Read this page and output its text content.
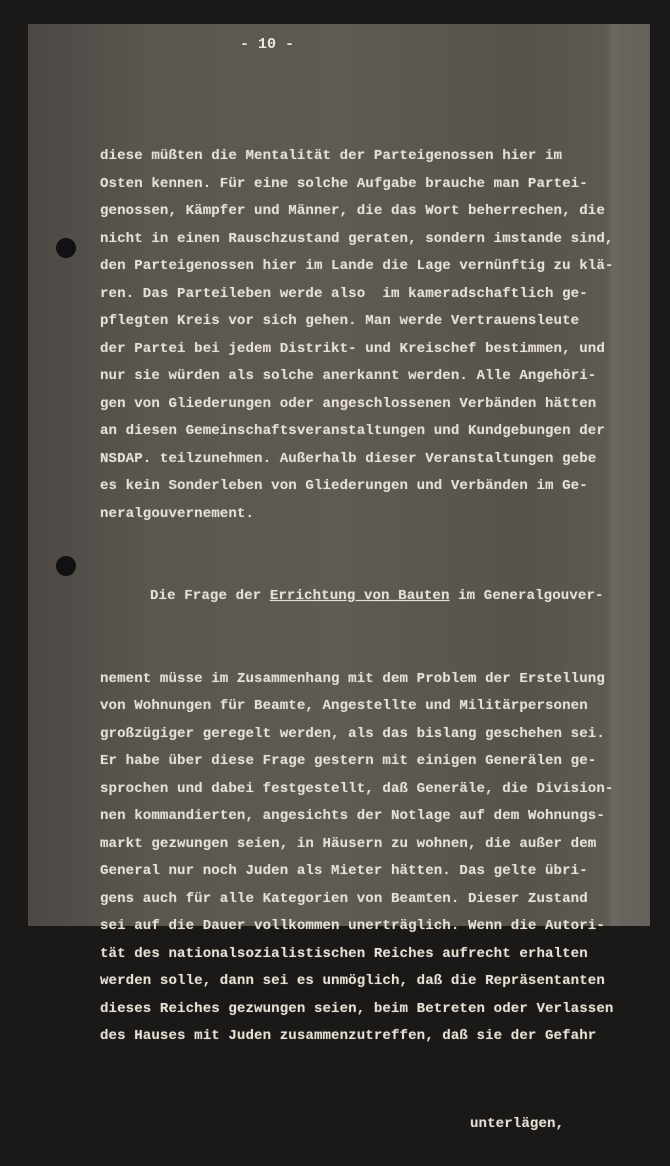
- 10 -

diese müßten die Mentalität der Parteigenossen hier im
Osten kennen. Für eine solche Aufgabe brauche man Partei-
genossen, Kämpfer und Männer, die das Wort beherrechen, die
nicht in einen Rauschzustand geraten, sondern imstande sind,
den Parteigenossen hier im Lande die Lage vernünftig zu klä-
ren. Das Parteileben werde also  im kameradschaftlich ge-
pflegten Kreis vor sich gehen. Man werde Vertrauensleute
der Partei bei jedem Distrikt- und Kreischef bestimmen, und
nur sie würden als solche anerkannt werden. Alle Angehöri-
gen von Gliederungen oder angeschlossenen Verbänden hätten
an diesen Gemeinschaftsveranstaltungen und Kundgebungen der
NSDAP. teilzunehmen. Außerhalb dieser Veranstaltungen gebe
es kein Sonderleben von Gliederungen und Verbänden im Ge-
neralgouvernement.

Die Frage der Errichtung von Bauten im Generalgouver-

nement müsse im Zusammenhang mit dem Problem der Erstellung
von Wohnungen für Beamte, Angestellte und Militärpersonen
großzügiger geregelt werden, als das bislang geschehen sei.
Er habe über diese Frage gestern mit einigen Generälen ge-
sprochen und dabei festgestellt, daß Generäle, die Division-
nen kommandierten, angesichts der Notlage auf dem Wohnungs-
markt gezwungen seien, in Häusern zu wohnen, die außer dem
General nur noch Juden als Mieter hätten. Das gelte übri-
gens auch für alle Kategorien von Beamten. Dieser Zustand
sei auf die Dauer vollkommen unerträglich. Wenn die Autori-
tät des nationalsozialistischen Reiches aufrecht erhalten
werden solle, dann sei es unmöglich, daß die Repräsentanten
dieses Reiches gezwungen seien, beim Betreten oder Verlassen
des Hauses mit Juden zusammenzutreffen, daß sie der Gefahr

unterlägen,
